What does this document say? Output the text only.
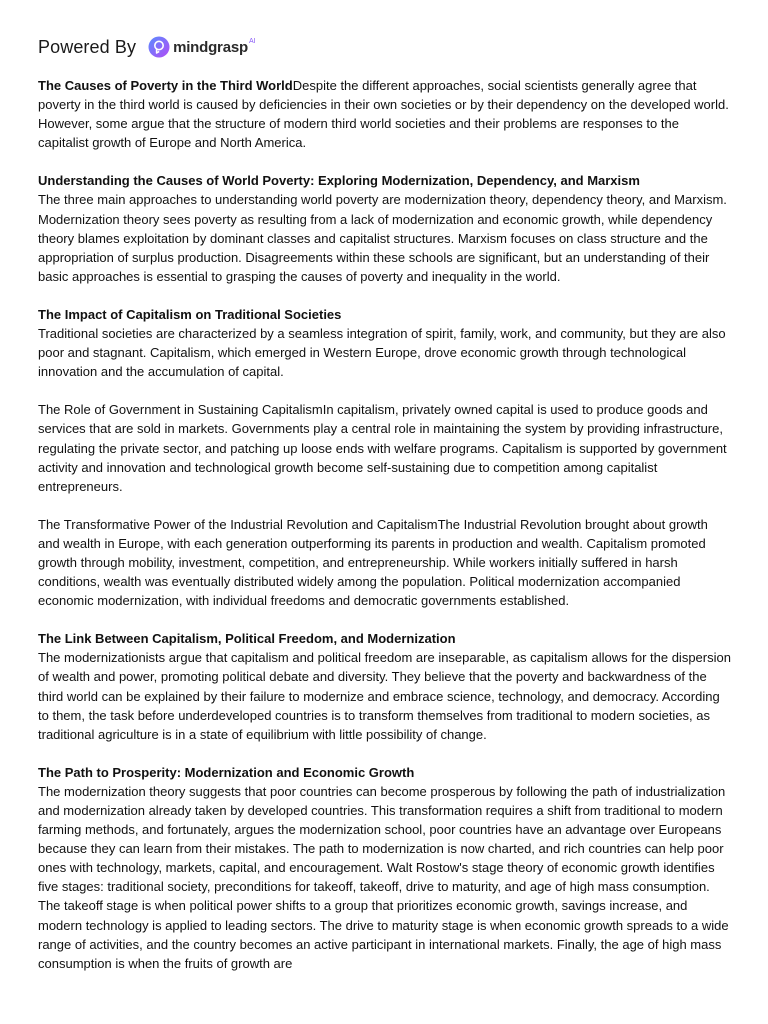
Powered By mindgrasp AI

The Causes of Poverty in the Third WorldDespite the different approaches, social scientists generally agree that poverty in the third world is caused by deficiencies in their own societies or by their dependency on the developed world. However, some argue that the structure of modern third world societies and their problems are responses to the capitalist growth of Europe and North America.

Understanding the Causes of World Poverty: Exploring Modernization, Dependency, and Marxism
The three main approaches to understanding world poverty are modernization theory, dependency theory, and Marxism. Modernization theory sees poverty as resulting from a lack of modernization and economic growth, while dependency theory blames exploitation by dominant classes and capitalist structures. Marxism focuses on class structure and the appropriation of surplus production. Disagreements within these schools are significant, but an understanding of their basic approaches is essential to grasping the causes of poverty and inequality in the world.

The Impact of Capitalism on Traditional Societies
Traditional societies are characterized by a seamless integration of spirit, family, work, and community, but they are also poor and stagnant. Capitalism, which emerged in Western Europe, drove economic growth through technological innovation and the accumulation of capital.

The Role of Government in Sustaining CapitalismIn capitalism, privately owned capital is used to produce goods and services that are sold in markets. Governments play a central role in maintaining the system by providing infrastructure, regulating the private sector, and patching up loose ends with welfare programs. Capitalism is supported by government activity and innovation and technological growth become self-sustaining due to competition among capitalist entrepreneurs.

The Transformative Power of the Industrial Revolution and CapitalismThe Industrial Revolution brought about growth and wealth in Europe, with each generation outperforming its parents in production and wealth. Capitalism promoted growth through mobility, investment, competition, and entrepreneurship. While workers initially suffered in harsh conditions, wealth was eventually distributed widely among the population. Political modernization accompanied economic modernization, with individual freedoms and democratic governments established.

The Link Between Capitalism, Political Freedom, and Modernization
The modernizationists argue that capitalism and political freedom are inseparable, as capitalism allows for the dispersion of wealth and power, promoting political debate and diversity. They believe that the poverty and backwardness of the third world can be explained by their failure to modernize and embrace science, technology, and democracy. According to them, the task before underdeveloped countries is to transform themselves from traditional to modern societies, as traditional agriculture is in a state of equilibrium with little possibility of change.

The Path to Prosperity: Modernization and Economic Growth
The modernization theory suggests that poor countries can become prosperous by following the path of industrialization and modernization already taken by developed countries. This transformation requires a shift from traditional to modern farming methods, and fortunately, argues the modernization school, poor countries have an advantage over Europeans because they can learn from their mistakes. The path to modernization is now charted, and rich countries can help poor ones with technology, markets, capital, and encouragement. Walt Rostow's stage theory of economic growth identifies five stages: traditional society, preconditions for takeoff, takeoff, drive to maturity, and age of high mass consumption. The takeoff stage is when political power shifts to a group that prioritizes economic growth, savings increase, and modern technology is applied to leading sectors. The drive to maturity stage is when economic growth spreads to a wide range of activities, and the country becomes an active participant in international markets. Finally, the age of high mass consumption is when the fruits of growth are
